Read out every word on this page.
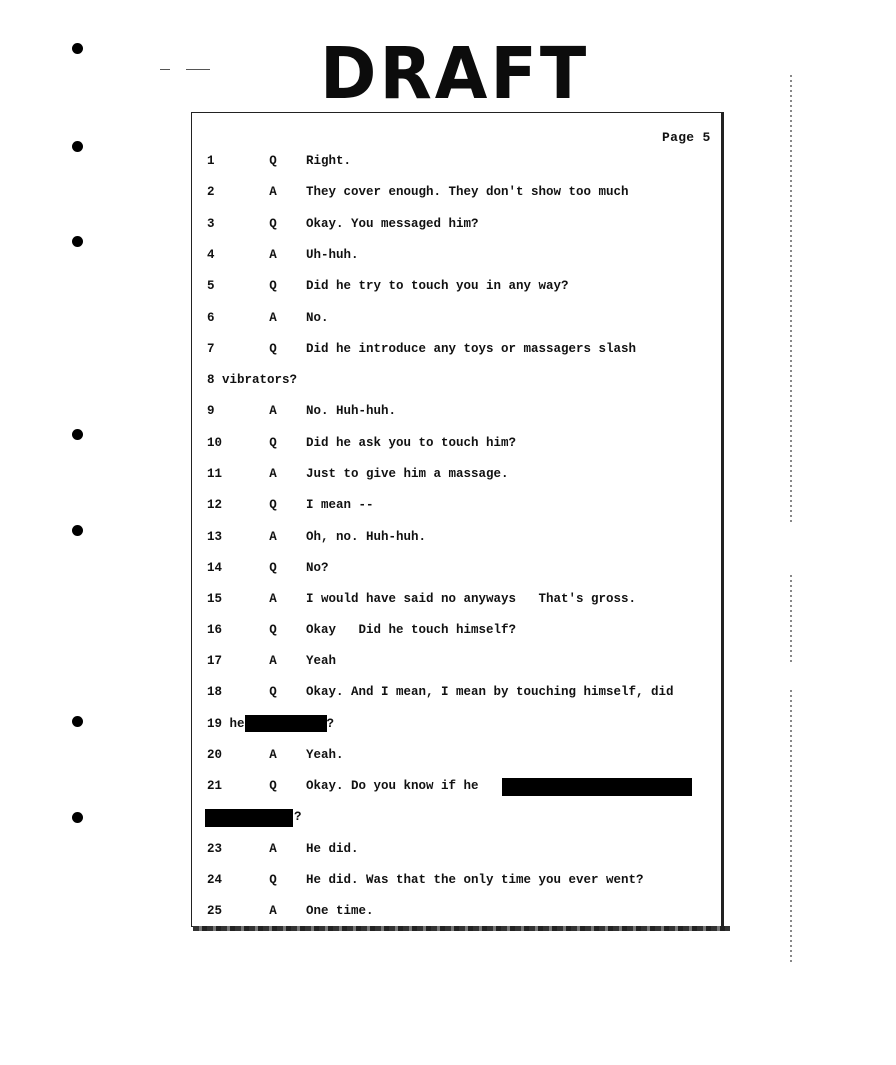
DRAFT
Page 5
1	Q Right.
2	A They cover enough. They don't show too much
3	Q Okay. You messaged him?
4	A Uh-huh.
5	Q Did he try to touch you in any way?
6	A No.
7	Q Did he introduce any toys or massagers slash
8 vibrators?
9	A No. Huh-huh.
10	Q Did he ask you to touch him?
11	A Just to give him a massage.
12	Q I mean --
13	A Oh, no. Huh-huh.
14	Q No?
15	A I would have said no anyways   That's gross.
16	Q Okay   Did he touch himself?
17	A Yeah
18	Q Okay. And I mean, I mean by touching himself, did
19 he	?
20	A Yeah.
21	Q Okay. Do you know if he
?
23	A He did.
24	Q He did. Was that the only time you ever went?
25	A One time.
